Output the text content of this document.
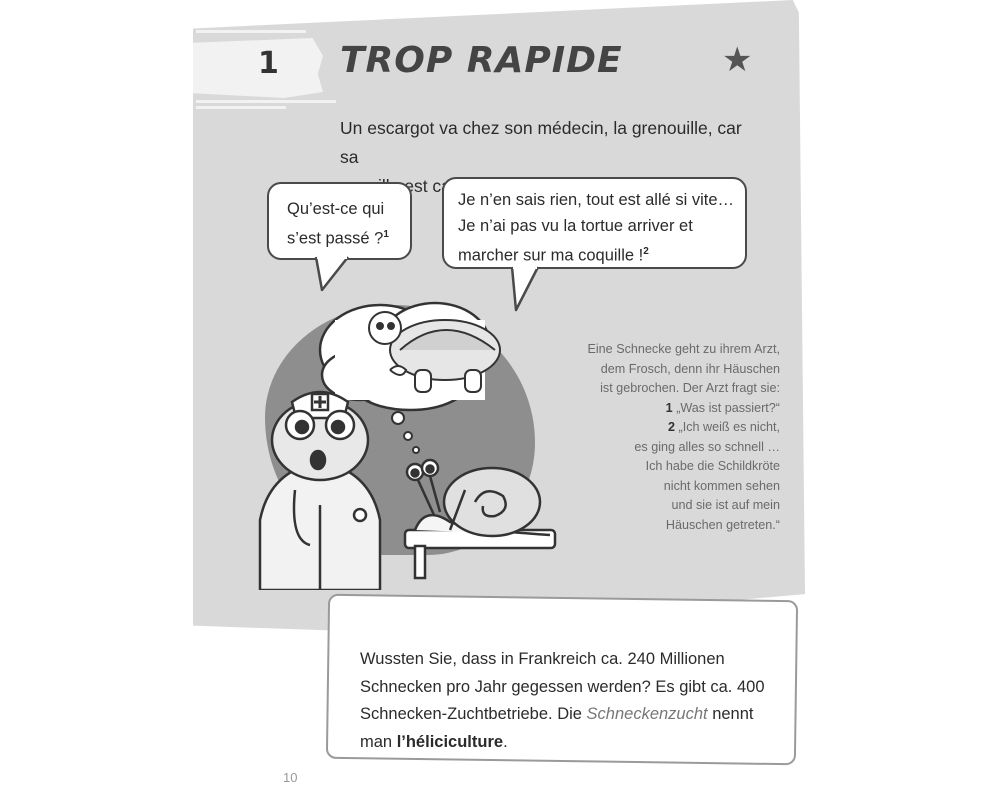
1	TROP RAPIDE	★
Un escargot va chez son médecin, la grenouille, car sa
est

Qu’est-ce qui

s’est passé ?$^1$

Je n’en sais rien, tout est allé si vite…

Je n’ai pas vu la tortue arriver et

marcher sur ma coquille !$^2$

Eine Schnecke geht zu ihrem Arzt,

dem Frosch, denn ihr Häuschen

ist gebrochen. Der Arzt fragt sie:

1 „Was ist passiert?“

2 „Ich weiß es nicht,

es ging alles so schnell …

Ich habe die Schildkröte

nicht kommen sehen

und sie ist auf mein

Häuschen getreten.“

Wussten Sie, dass in Frankreich ca. 240 Millionen Schnecken pro Jahr gegessen werden? Es gibt ca. 400 Schnecken-Zuchtbetriebe. Die Schneckenzucht nennt man l’héliciculture.
10
